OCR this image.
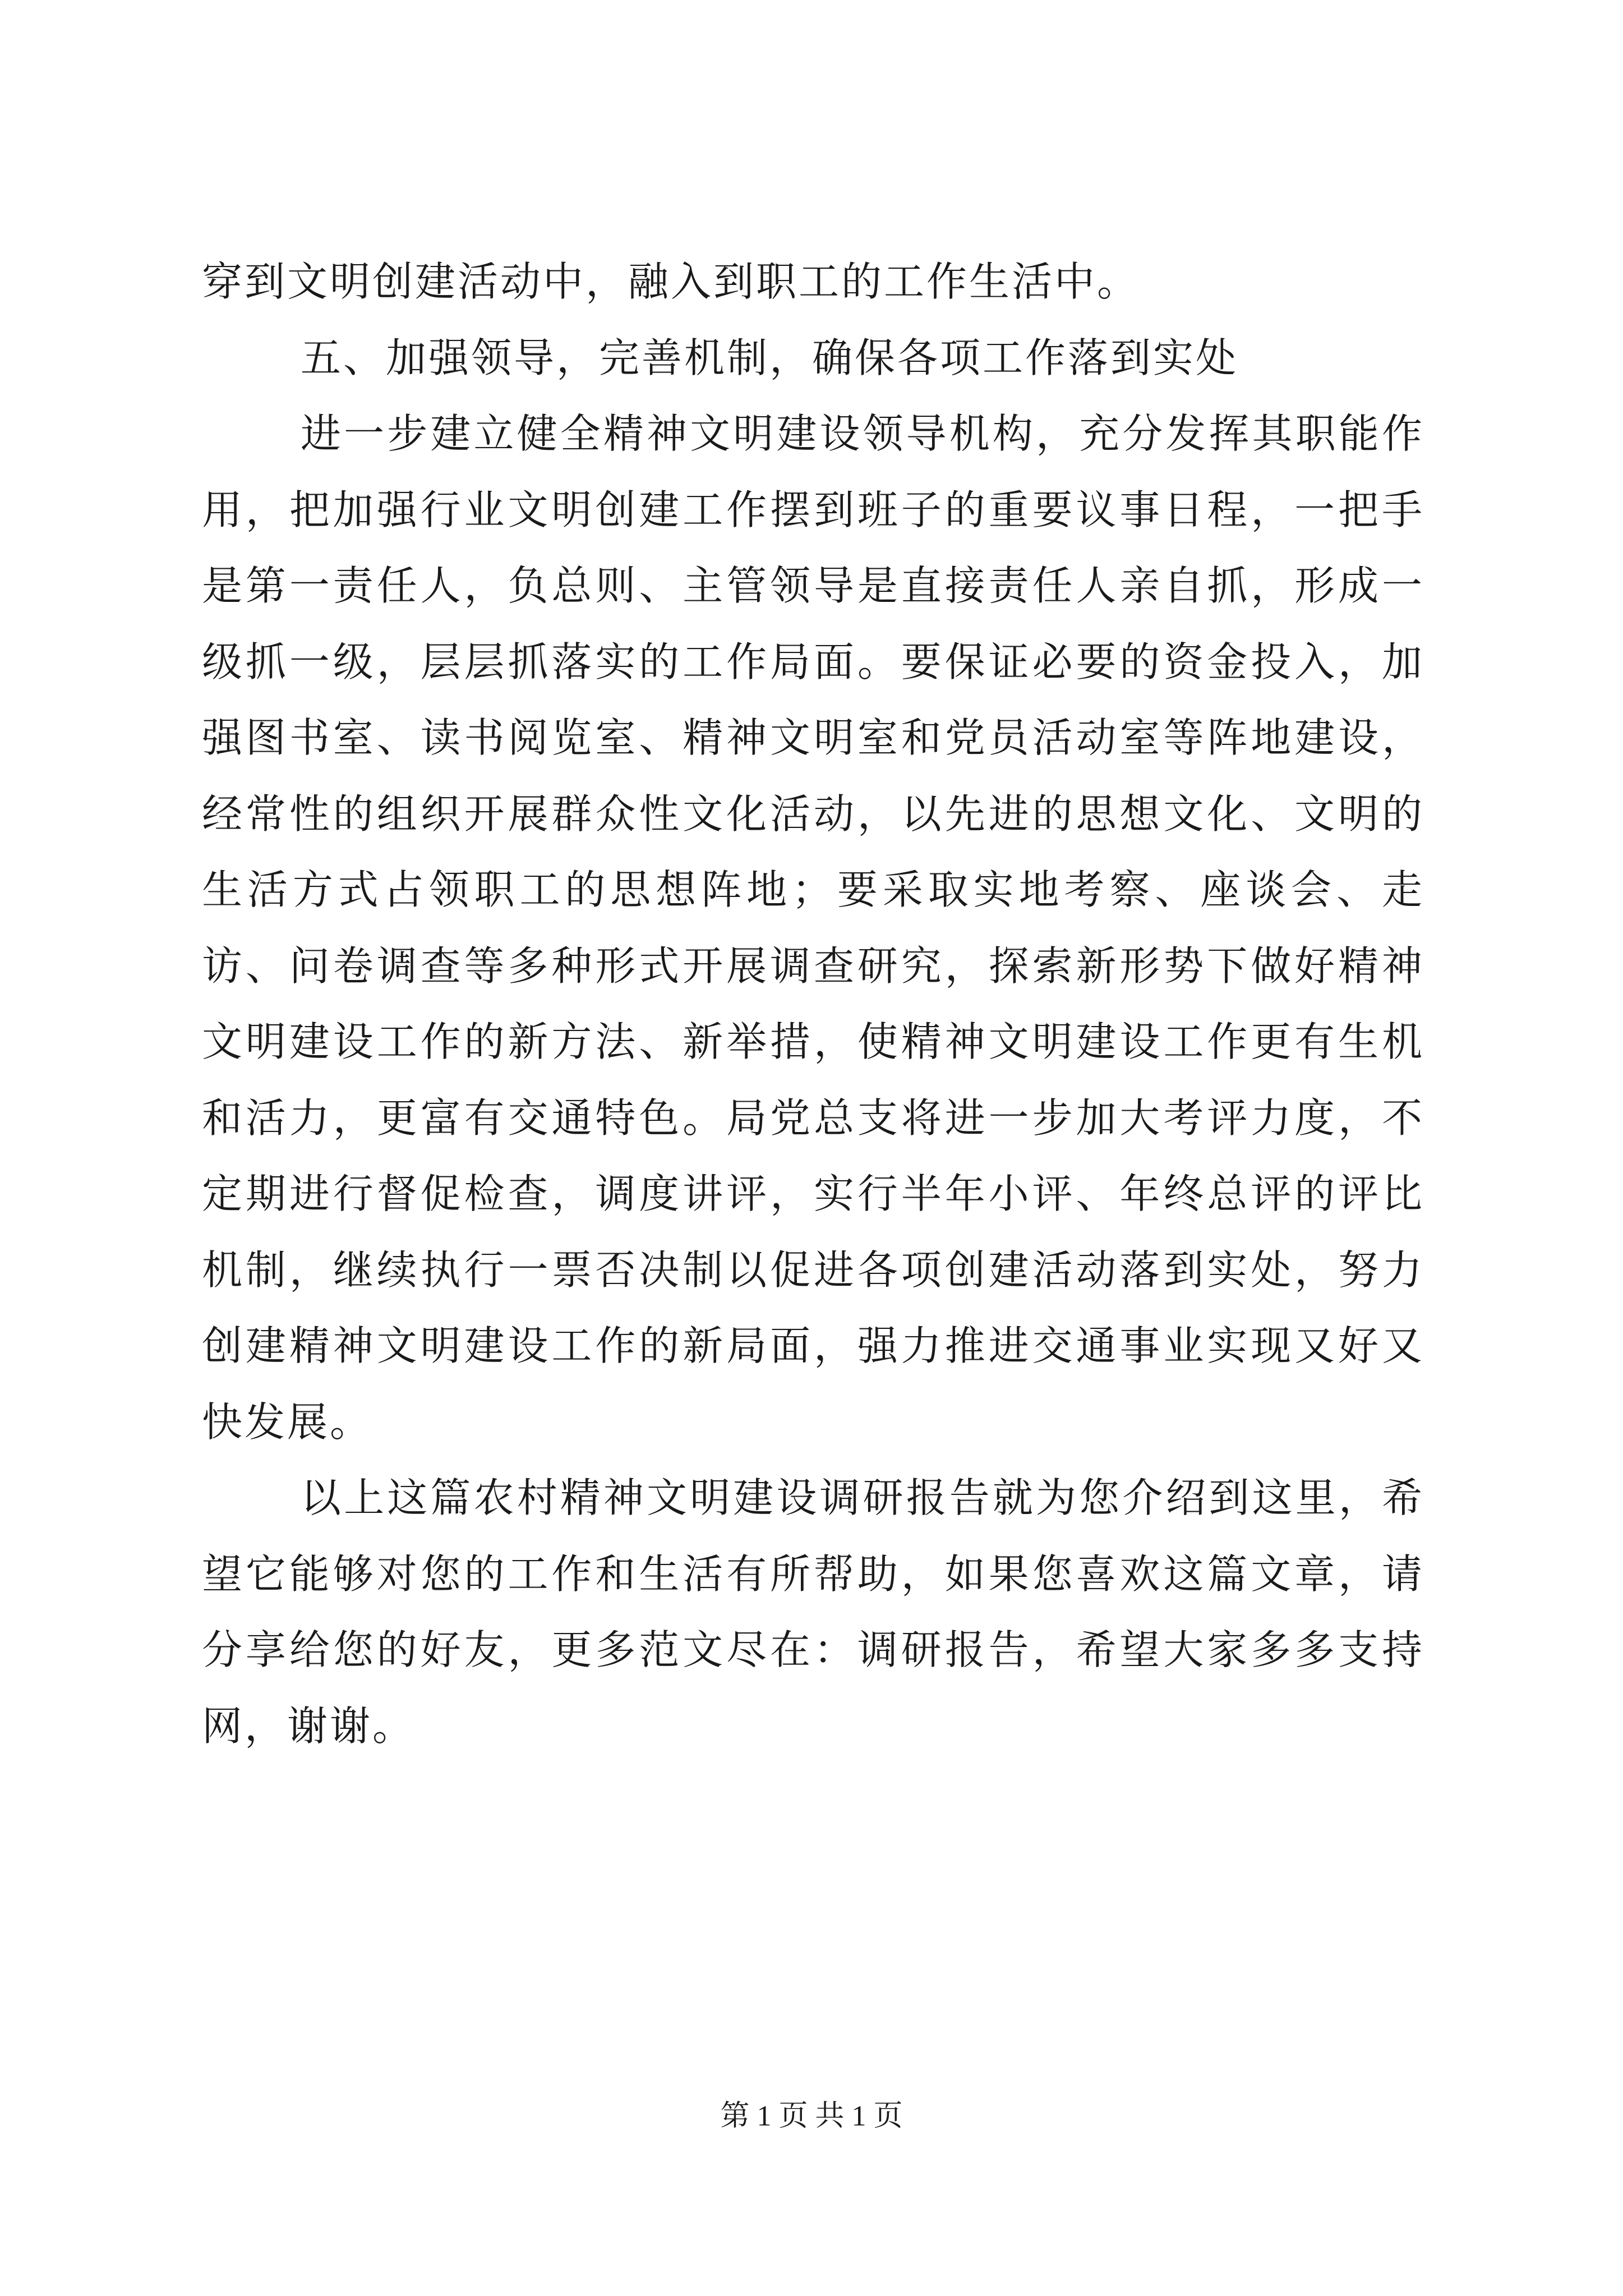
穿到文明创建活动中，融入到职工的工作生活中。

五、加强领导，完善机制，确保各项工作落到实处

进一步建立健全精神文明建设领导机构，充分发挥其职能作用，把加强行业文明创建工作摆到班子的重要议事日程，一把手是第一责任人，负总则、主管领导是直接责任人亲自抓，形成一级抓一级，层层抓落实的工作局面。要保证必要的资金投入，加强图书室、读书阅览室、精神文明室和党员活动室等阵地建设，经常性的组织开展群众性文化活动，以先进的思想文化、文明的生活方式占领职工的思想阵地；要采取实地考察、座谈会、走访、问卷调查等多种形式开展调查研究，探索新形势下做好精神文明建设工作的新方法、新举措，使精神文明建设工作更有生机和活力，更富有交通特色。局党总支将进一步加大考评力度，不定期进行督促检查，调度讲评，实行半年小评、年终总评的评比机制，继续执行一票否决制以促进各项创建活动落到实处，努力创建精神文明建设工作的新局面，强力推进交通事业实现又好又快发展。

以上这篇农村精神文明建设调研报告就为您介绍到这里，希望它能够对您的工作和生活有所帮助，如果您喜欢这篇文章，请分享给您的好友，更多范文尽在：调研报告，希望大家多多支持网，谢谢。

第 1 页 共 1 页
